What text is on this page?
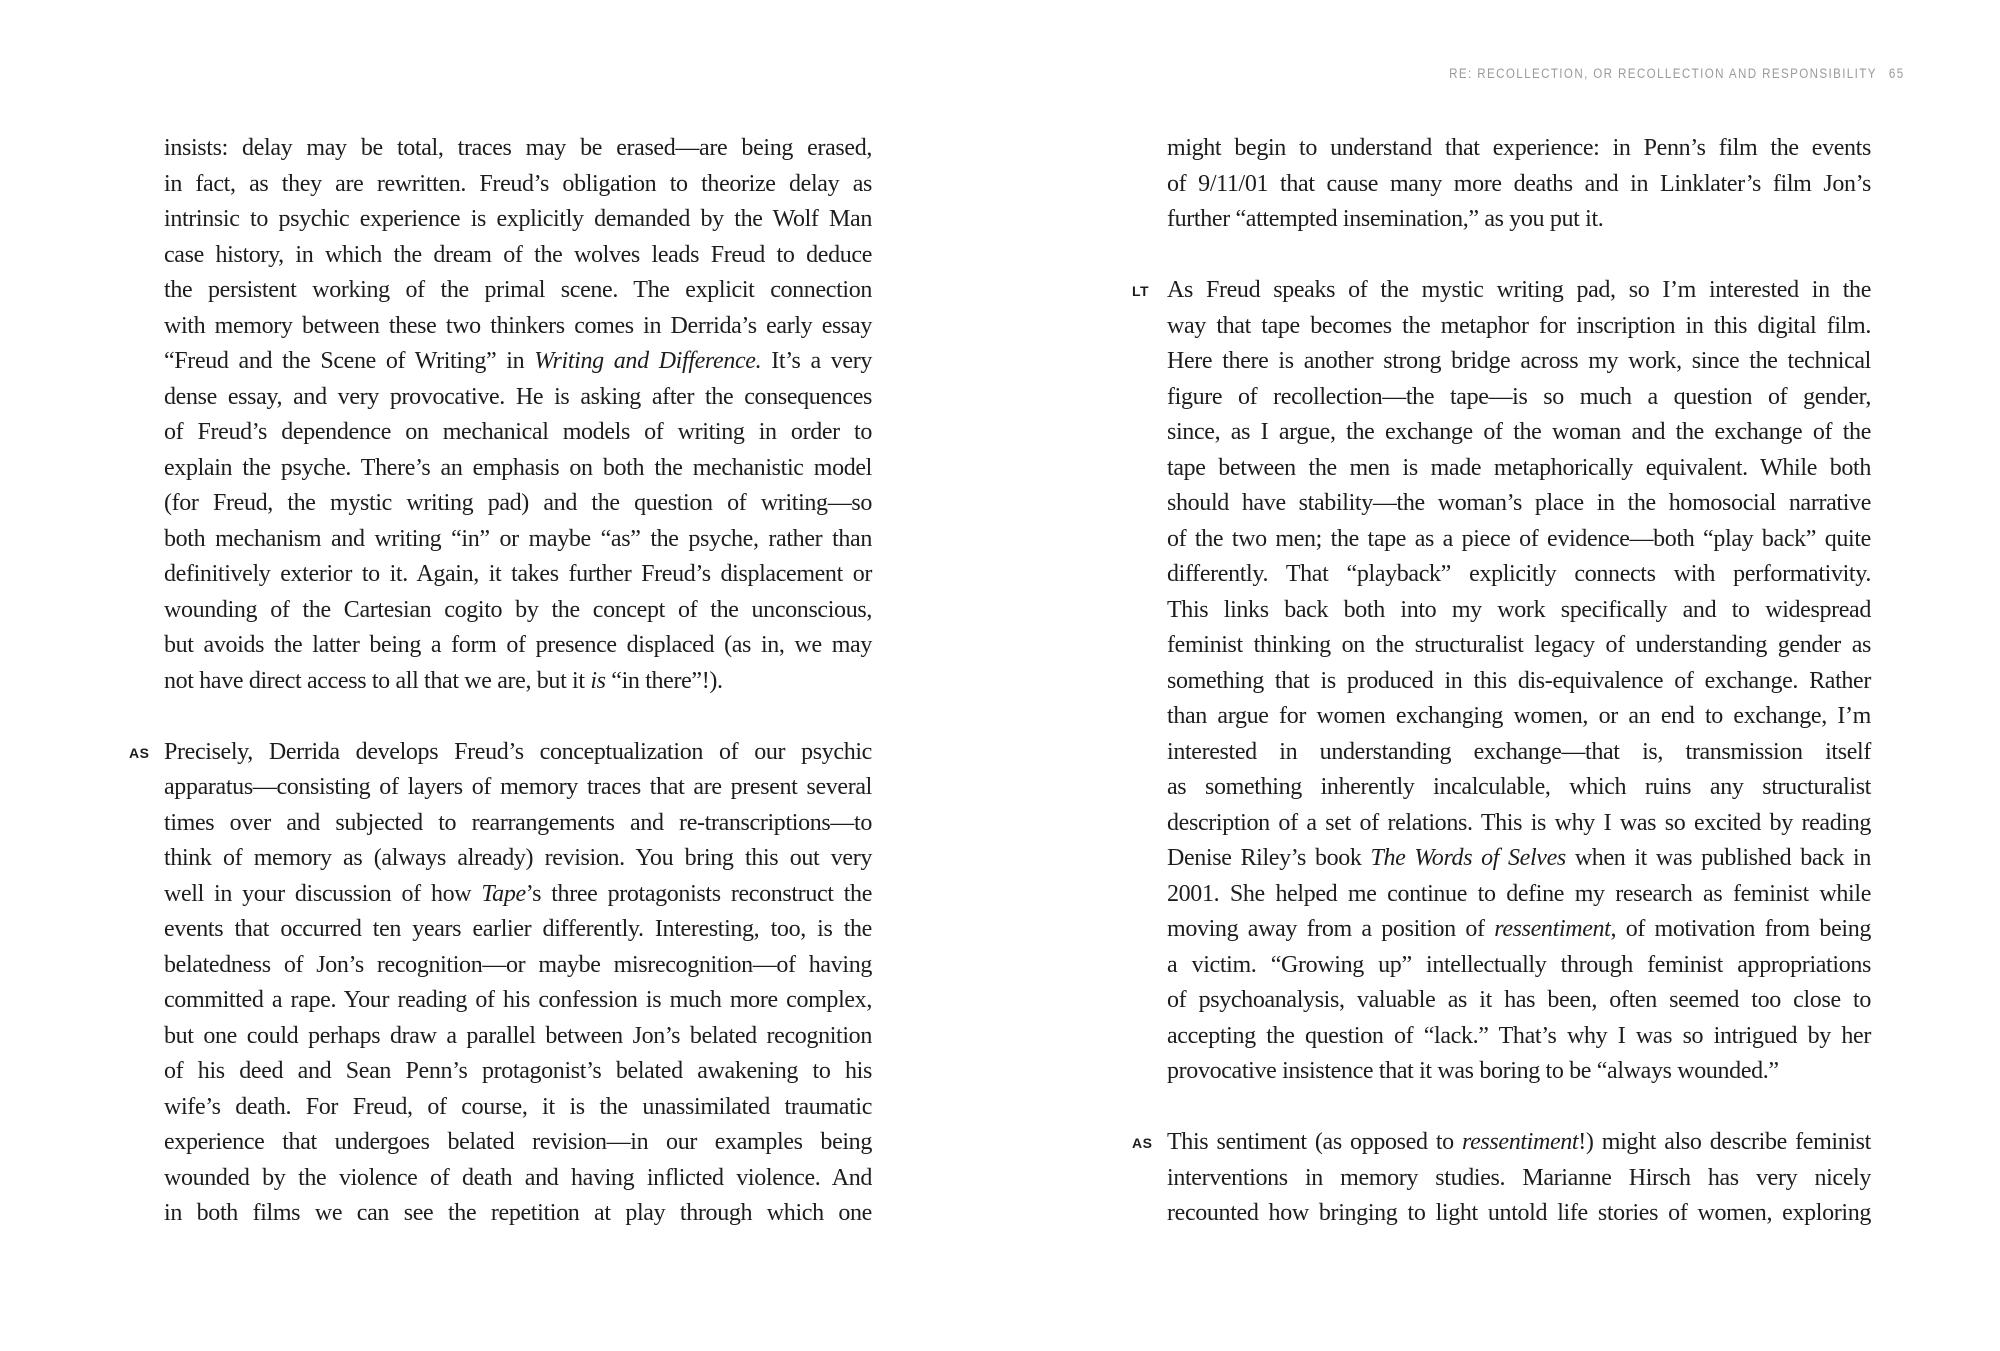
RE: RECOLLECTION, OR RECOLLECTION AND RESPONSIBILITY 65
insists: delay may be total, traces may be erased—are being erased,
in fact, as they are rewritten. Freud’s obligation to theorize delay as
intrinsic to psychic experience is explicitly demanded by the Wolf Man
case history, in which the dream of the wolves leads Freud to deduce
the persistent working of the primal scene. The explicit connection
with memory between these two thinkers comes in Derrida’s early essay
“Freud and the Scene of Writing” in Writing and Difference. It’s a very
dense essay, and very provocative. He is asking after the consequences
of Freud’s dependence on mechanical models of writing in order to
explain the psyche. There’s an emphasis on both the mechanistic model
(for Freud, the mystic writing pad) and the question of writing—so
both mechanism and writing “in” or maybe “as” the psyche, rather than
definitively exterior to it. Again, it takes further Freud’s displacement or
wounding of the Cartesian cogito by the concept of the unconscious,
but avoids the latter being a form of presence displaced (as in, we may
not have direct access to all that we are, but it is “in there”!).
AS Precisely, Derrida develops Freud’s conceptualization of our psychic
apparatus—consisting of layers of memory traces that are present several
times over and subjected to rearrangements and re-transcriptions—to
think of memory as (always already) revision. You bring this out very
well in your discussion of how Tape’s three protagonists reconstruct the
events that occurred ten years earlier differently. Interesting, too, is the
belatedness of Jon’s recognition—or maybe misrecognition—of having
committed a rape. Your reading of his confession is much more complex,
but one could perhaps draw a parallel between Jon’s belated recognition
of his deed and Sean Penn’s protagonist’s belated awakening to his
wife’s death. For Freud, of course, it is the unassimilated traumatic
experience that undergoes belated revision—in our examples being
wounded by the violence of death and having inflicted violence. And
in both films we can see the repetition at play through which one
might begin to understand that experience: in Penn’s film the events
of 9/11/01 that cause many more deaths and in Linklater’s film Jon’s
further “attempted insemination,” as you put it.
LT As Freud speaks of the mystic writing pad, so I’m interested in the
way that tape becomes the metaphor for inscription in this digital film.
Here there is another strong bridge across my work, since the technical
figure of recollection—the tape—is so much a question of gender,
since, as I argue, the exchange of the woman and the exchange of the
tape between the men is made metaphorically equivalent. While both
should have stability—the woman’s place in the homosocial narrative
of the two men; the tape as a piece of evidence—both “play back” quite
differently. That “playback” explicitly connects with performativity.
This links back both into my work specifically and to widespread
feminist thinking on the structuralist legacy of understanding gender as
something that is produced in this dis-equivalence of exchange. Rather
than argue for women exchanging women, or an end to exchange, I’m
interested in understanding exchange—that is, transmission itself
as something inherently incalculable, which ruins any structuralist
description of a set of relations. This is why I was so excited by reading
Denise Riley’s book The Words of Selves when it was published back in
2001. She helped me continue to define my research as feminist while
moving away from a position of ressentiment, of motivation from being
a victim. “Growing up” intellectually through feminist appropriations
of psychoanalysis, valuable as it has been, often seemed too close to
accepting the question of “lack.” That’s why I was so intrigued by her
provocative insistence that it was boring to be “always wounded.”
AS This sentiment (as opposed to ressentiment!) might also describe feminist
interventions in memory studies. Marianne Hirsch has very nicely
recounted how bringing to light untold life stories of women, exploring
